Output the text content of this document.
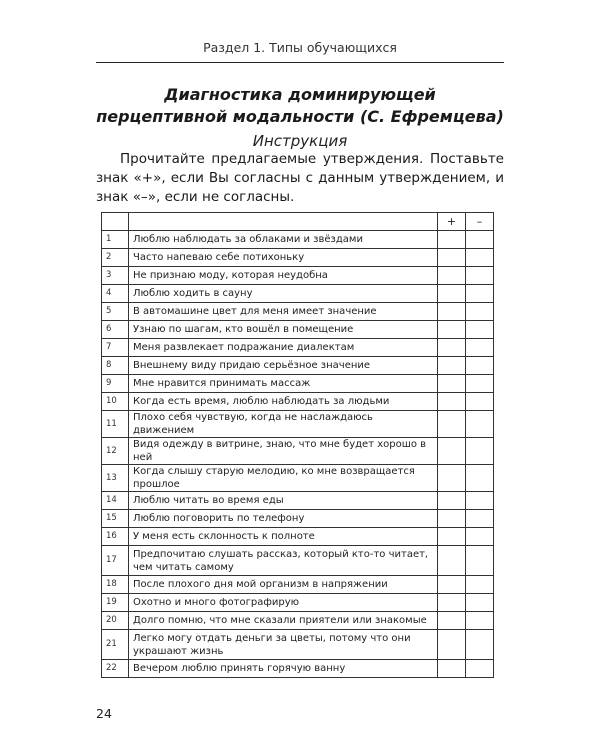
Раздел 1. Типы обучающихся
Диагностика доминирующей
перцептивной модальности (С. Ефремцева)
Инструкция
Прочитайте предлагаемые утверждения. Поставьте знак «+», если Вы согласны с данным утверждением, и знак «–», если не согласны.
		+	–
1	Люблю наблюдать за облаками и звёздами		
2	Часто напеваю себе потихоньку		
3	Не признаю моду, которая неудобна		
4	Люблю ходить в сауну		
5	В автомашине цвет для меня имеет значение		
6	Узнаю по шагам, кто вошёл в помещение		
7	Меня развлекает подражание диалектам		
8	Внешнему виду придаю серьёзное значение		
9	Мне нравится принимать массаж		
10	Когда есть время, люблю наблюдать за людьми		
11	Плохо себя чувствую, когда не наслаждаюсь движением		
12	Видя одежду в витрине, знаю, что мне будет хорошо в ней		
13	Когда слышу старую мелодию, ко мне возвращается прошлое		
14	Люблю читать во время еды		
15	Люблю поговорить по телефону		
16	У меня есть склонность к полноте		
17	Предпочитаю слушать рассказ, который кто-то читает, чем читать самому		
18	После плохого дня мой организм в напряжении		
19	Охотно и много фотографирую		
20	Долго помню, что мне сказали приятели или знакомые		
21	Легко могу отдать деньги за цветы, потому что они украшают жизнь		
22	Вечером люблю принять горячую ванну		
24
